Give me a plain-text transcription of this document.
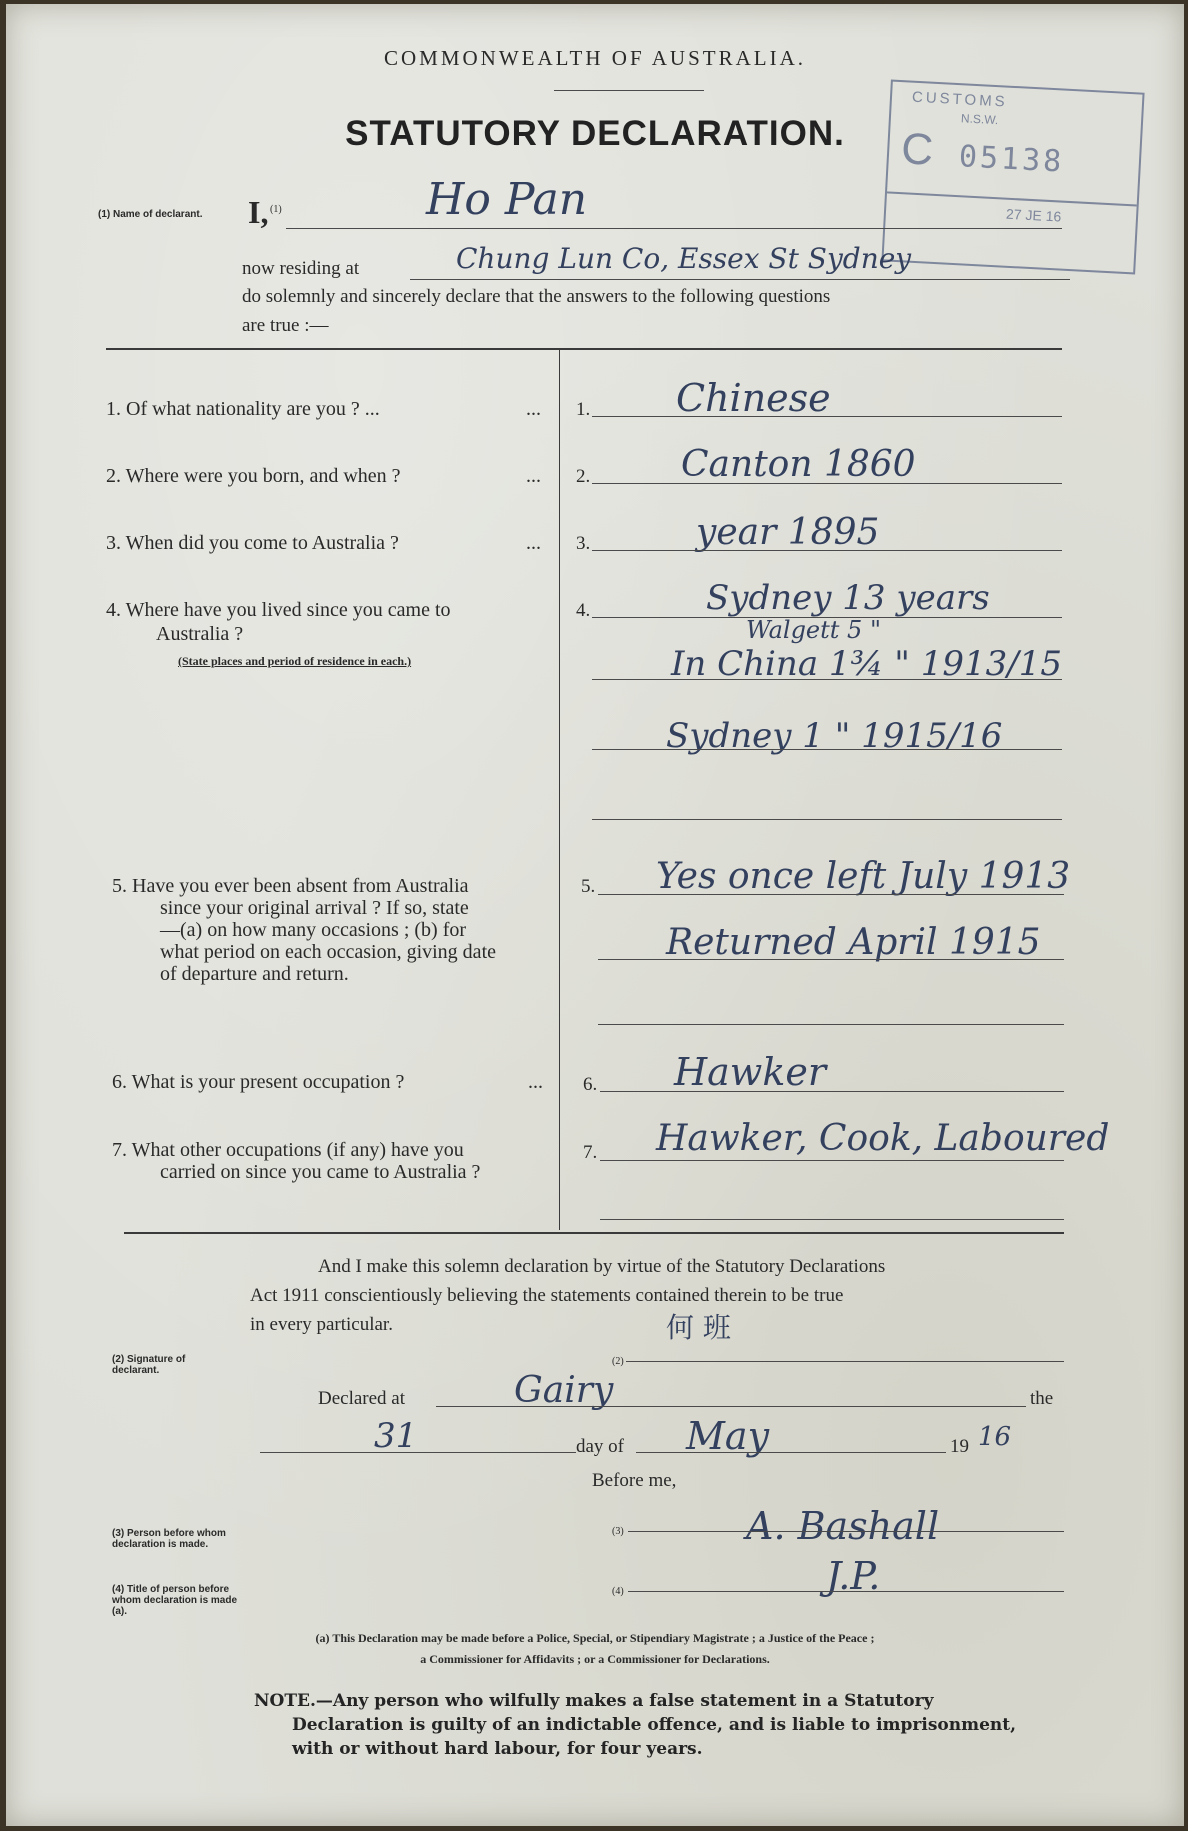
COMMONWEALTH OF AUSTRALIA.
STATUTORY DECLARATION.
CUSTOMS
N.S.W.
C 05138
27 JE 16
(1) Name of declarant. I, (1)	Ho Pan
now residing at	Chung Lun Co, Essex St Sydney
do solemnly and sincerely declare that the answers to the following questions
are true :—
1. Of what nationality are you ? ...	... 1. Chinese
2. Where were you born, and when ?	... 2.	Canton 1860
3. When did you come to Australia ?	... 3.	year 1895
4. Where have you lived since you came to
Australia ?
(State places and period of residence in each.)
4.	Sydney 13 years
Walgett 5 "
In China 1¾ " 1913/15
Sydney 1 " 1915/16
5. Have you ever been absent from Australia
since your original arrival ? If so, state
—(a) on how many occasions ; (b) for
what period on each occasion, giving date
of departure and return.
5. Yes once left July 1913
Returned April 1915
6. What is your present occupation ?	... 6. Hawker
7. What other occupations (if any) have you
carried on since you came to Australia ?
7. Hawker, Cook, Laboured
And I make this solemn declaration by virtue of the Statutory Declarations
Act 1911 conscientiously believing the statements contained therein to be true
in every particular.
(2) Signature of declarant.
何 班
(2)
Declared at	Gairy	the
31	day of May	19 16
Before me,
(3) Person before whom declaration is made.	A. Bashall
(3)
(4) Title of person before whom declaration is made (a).
J.P.
(4)
(a) This Declaration may be made before a Police, Special, or Stipendiary Magistrate ; a Justice of the Peace ;
a Commissioner for Affidavits ; or a Commissioner for Declarations.
NOTE.—Any person who wilfully makes a false statement in a Statutory
Declaration is guilty of an indictable offence, and is liable to imprisonment,
with or without hard labour, for four years.
